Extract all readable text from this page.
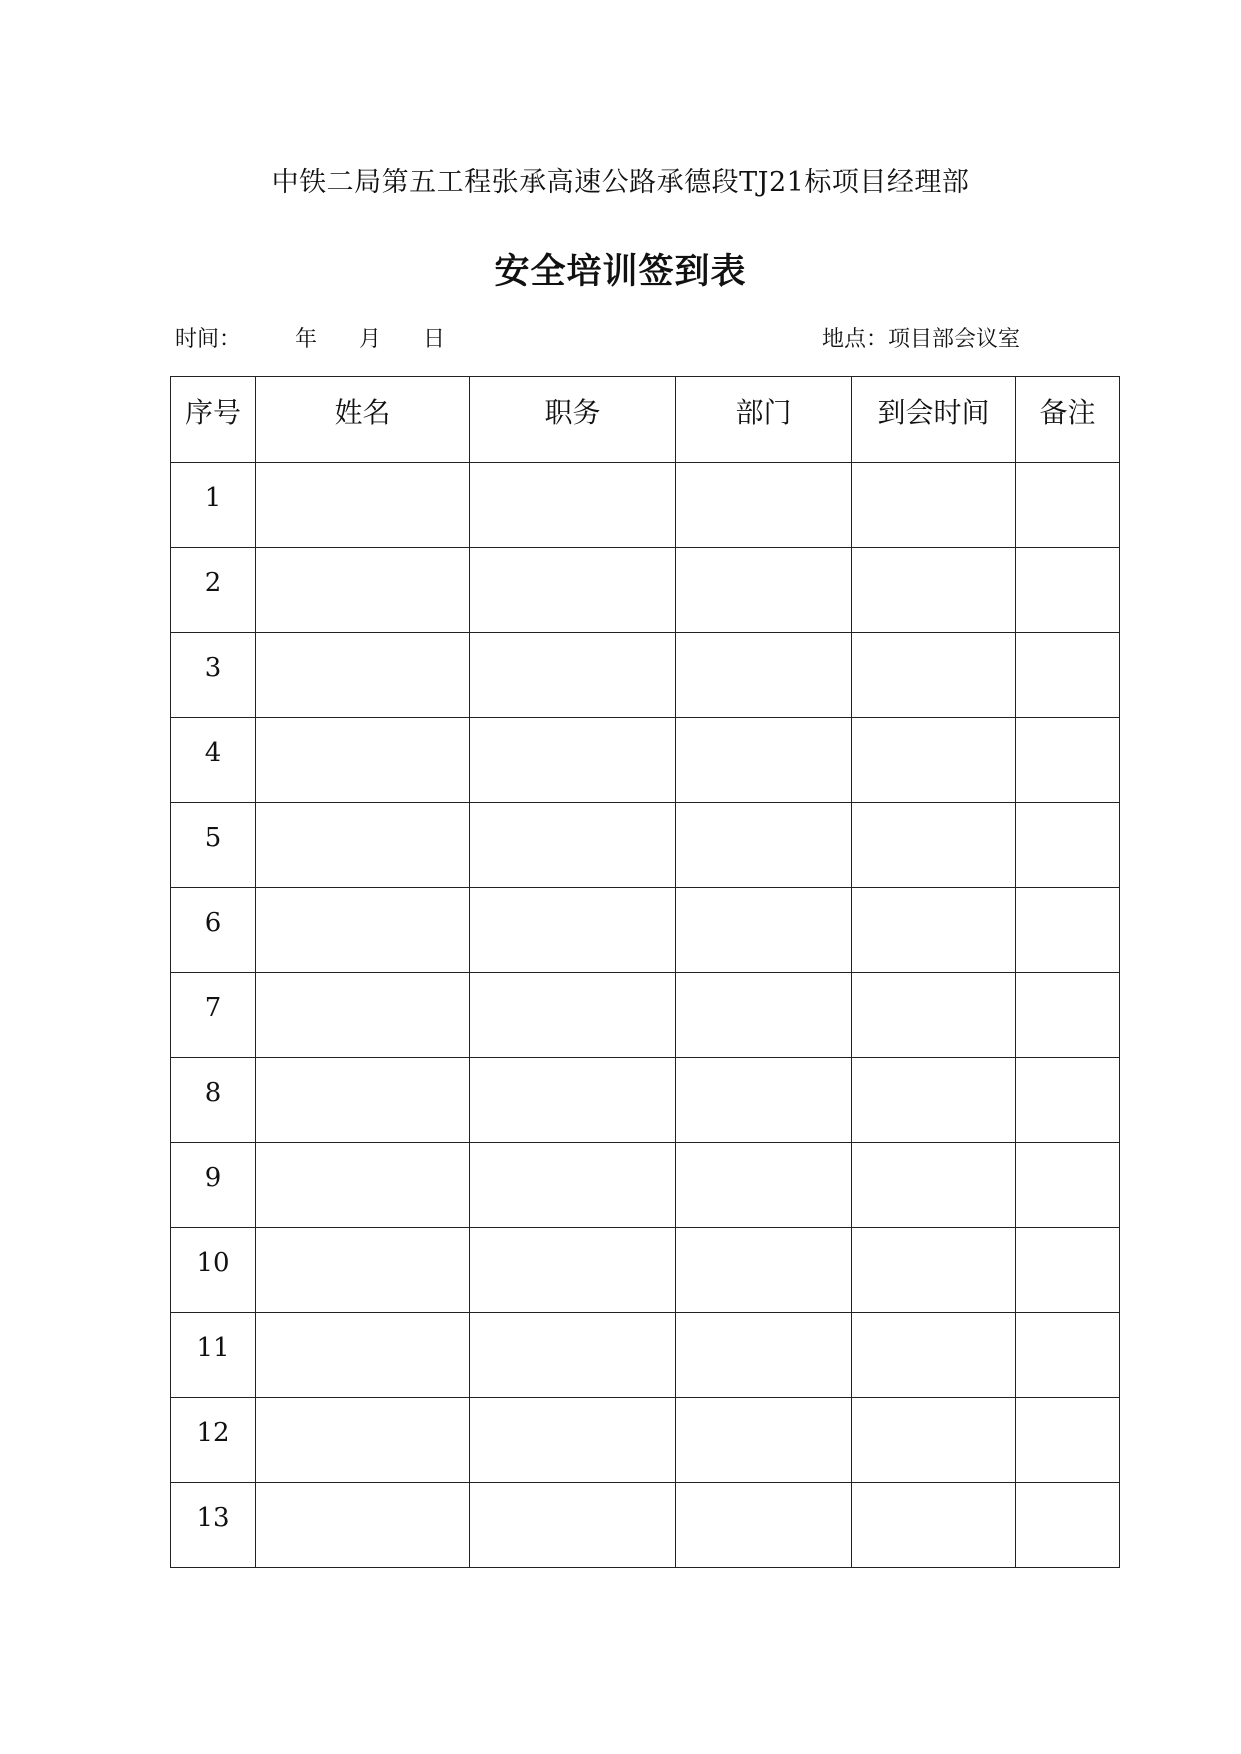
中铁二局第五工程张承高速公路承德段TJ21标项目经理部
安全培训签到表
时间： 年 月 日	地点：项目部会议室
序号	姓名	职务	部门	到会时间	备注
1					
2					
3					
4					
5					
6					
7					
8					
9					
10					
11					
12					
13					
